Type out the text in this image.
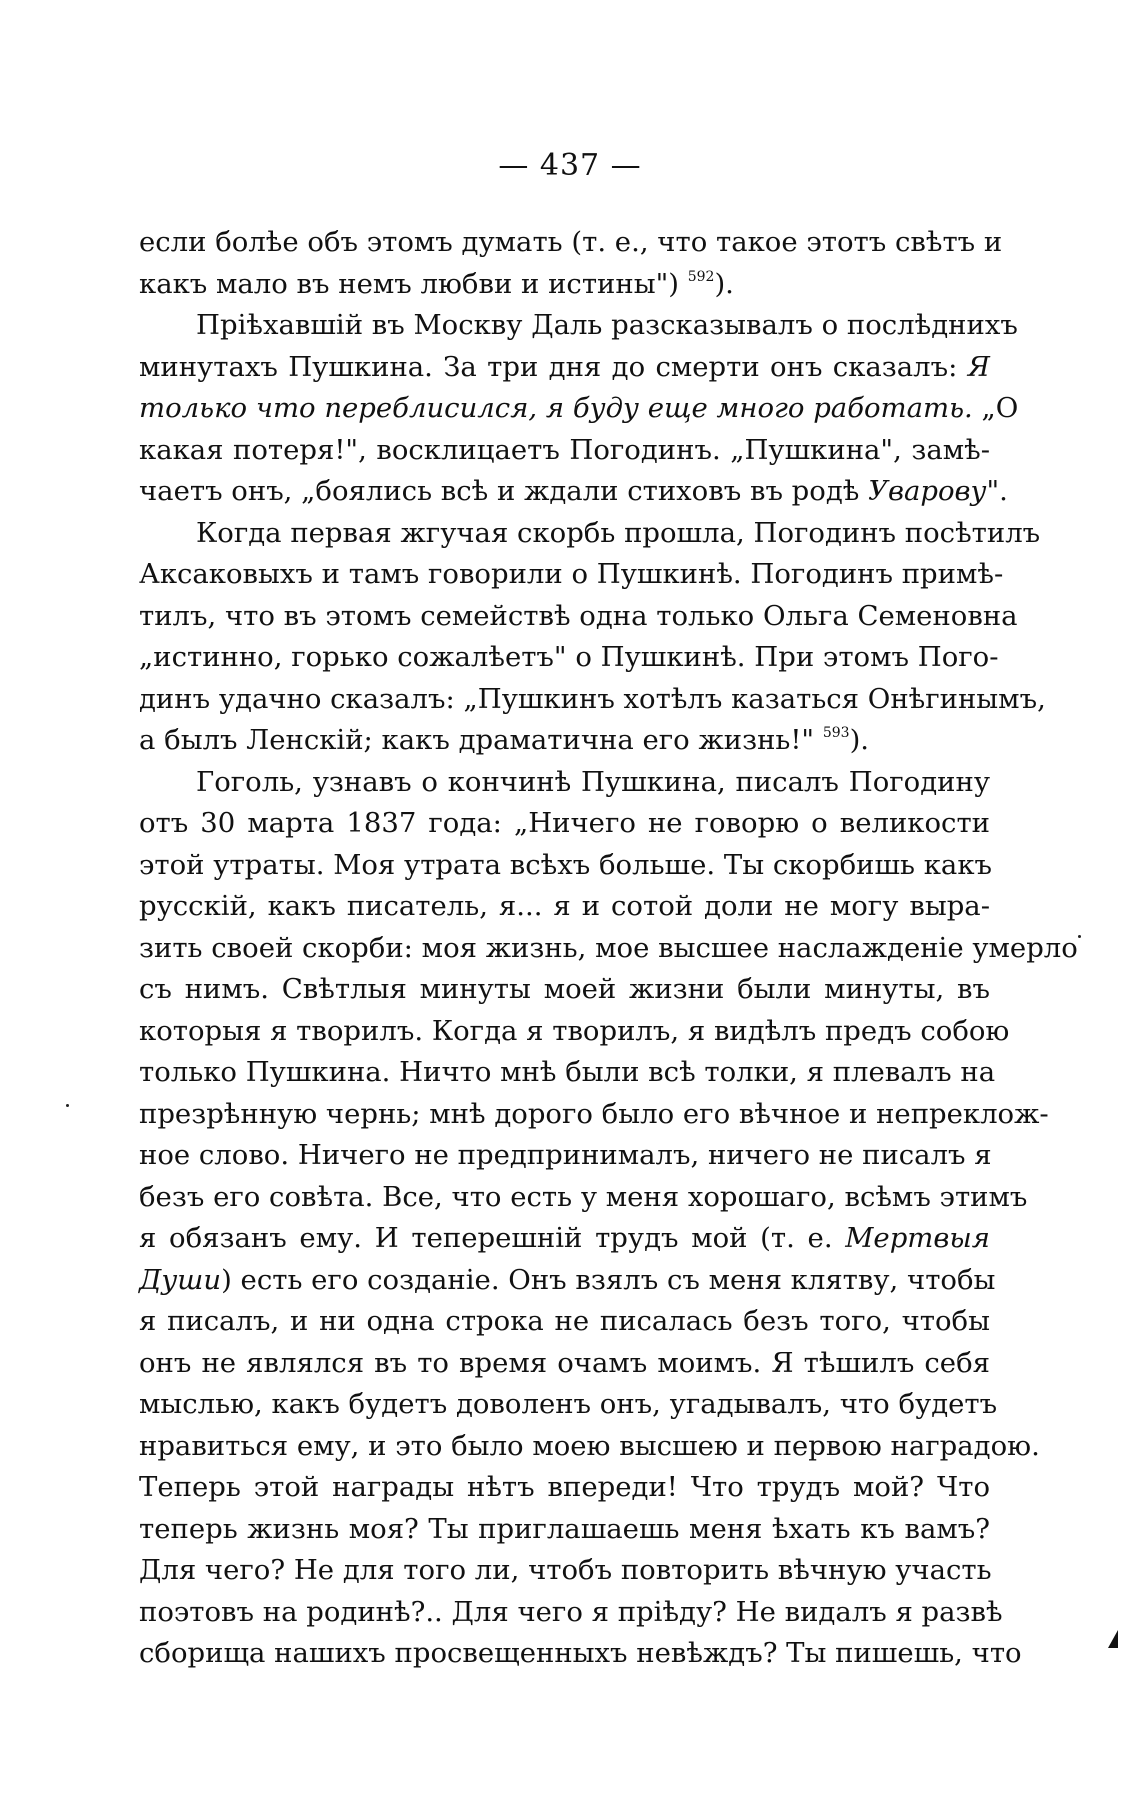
— 437 —
если болѣе объ этомъ думать (т. е., что такое этотъ свѣтъ и
какъ мало въ немъ любви и истины") $^{592}$).
Пріѣхавшій въ Москву Даль разсказывалъ о послѣднихъ
минутахъ Пушкина. За три дня до смерти онъ сказалъ: Я
только что переблисился, я буду еще много работать. „О
какая потеря!", восклицаетъ Погодинъ. „Пушкина", замѣ-
чаетъ онъ, „боялись всѣ и ждали стиховъ въ родѣ Уварову".
Когда первая жгучая скорбь прошла, Погодинъ посѣтилъ
Аксаковыхъ и тамъ говорили о Пушкинѣ. Погодинъ примѣ-
тилъ, что въ этомъ семействѣ одна только Ольга Семеновна
„истинно, горько сожалѣетъ" о Пушкинѣ. При этомъ Пого-
динъ удачно сказалъ: „Пушкинъ хотѣлъ казаться Онѣгинымъ,
а былъ Ленскій; какъ драматична его жизнь!" $^{593}$).
Гоголь, узнавъ о кончинѣ Пушкина, писалъ Погодину
отъ 30 марта 1837 года: „Ничего не говорю о великости
этой утраты. Моя утрата всѣхъ больше. Ты скорбишь какъ
русскій, какъ писатель, я... я и сотой доли не могу выра-
зить своей скорби: моя жизнь, мое высшее наслажденіе умерло
съ нимъ. Свѣтлыя минуты моей жизни были минуты, въ
которыя я творилъ. Когда я творилъ, я видѣлъ предъ собою
только Пушкина. Ничто мнѣ были всѣ толки, я плевалъ на
презрѣнную чернь; мнѣ дорого было его вѣчное и непреклож-
ное слово. Ничего не предпринималъ, ничего не писалъ я
безъ его совѣта. Все, что есть у меня хорошаго, всѣмъ этимъ
я обязанъ ему. И теперешній трудъ мой (т. е. Мертвыя
Души) есть его созданіе. Онъ взялъ съ меня клятву, чтобы
я писалъ, и ни одна строка не писалась безъ того, чтобы
онъ не являлся въ то время очамъ моимъ. Я тѣшилъ себя
мыслью, какъ будетъ доволенъ онъ, угадывалъ, что будетъ
нравиться ему, и это было моею высшею и первою наградою.
Теперь этой награды нѣтъ впереди! Что трудъ мой? Что
теперь жизнь моя? Ты приглашаешь меня ѣхать къ вамъ?
Для чего? Не для того ли, чтобъ повторить вѣчную участь
поэтовъ на родинѣ?.. Для чего я пріѣду? Не видалъ я развѣ
сборища нашихъ просвещенныхъ невѣждъ? Ты пишешь, что
